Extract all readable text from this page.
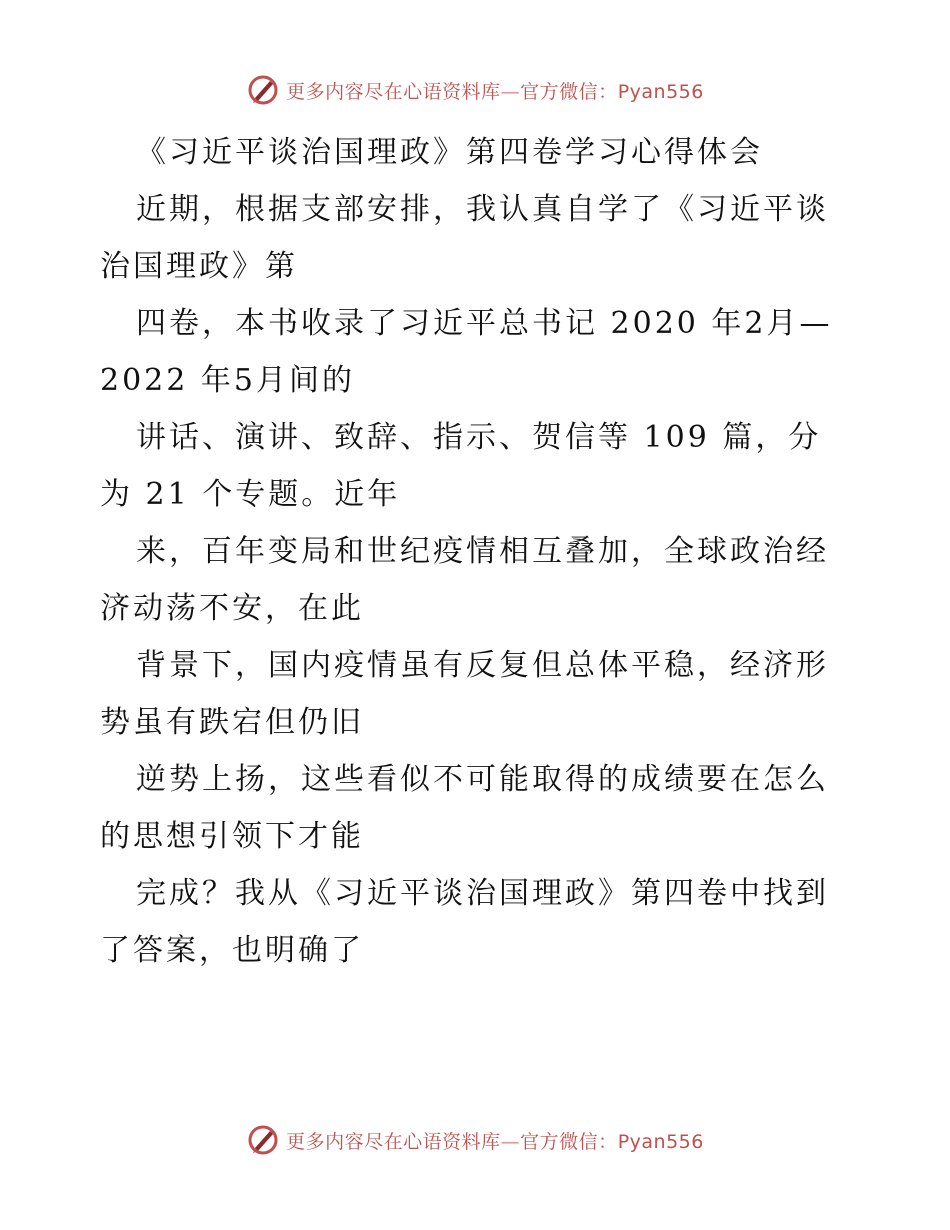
更多内容尽在心语资料库—官方微信：Pyan556
《习近平谈治国理政》第四卷学习心得体会
近期，根据支部安排，我认真自学了《习近平谈
治国理政》第
四卷，本书收录了习近平总书记 2020 年2月—
2022 年5月间的
讲话、演讲、致辞、指示、贺信等 109 篇，分
为 21 个专题。近年
来，百年变局和世纪疫情相互叠加，全球政治经
济动荡不安，在此
背景下，国内疫情虽有反复但总体平稳，经济形
势虽有跌宕但仍旧
逆势上扬，这些看似不可能取得的成绩要在怎么
的思想引领下才能
完成？我从《习近平谈治国理政》第四卷中找到
了答案，也明确了
更多内容尽在心语资料库—官方微信：Pyan556
